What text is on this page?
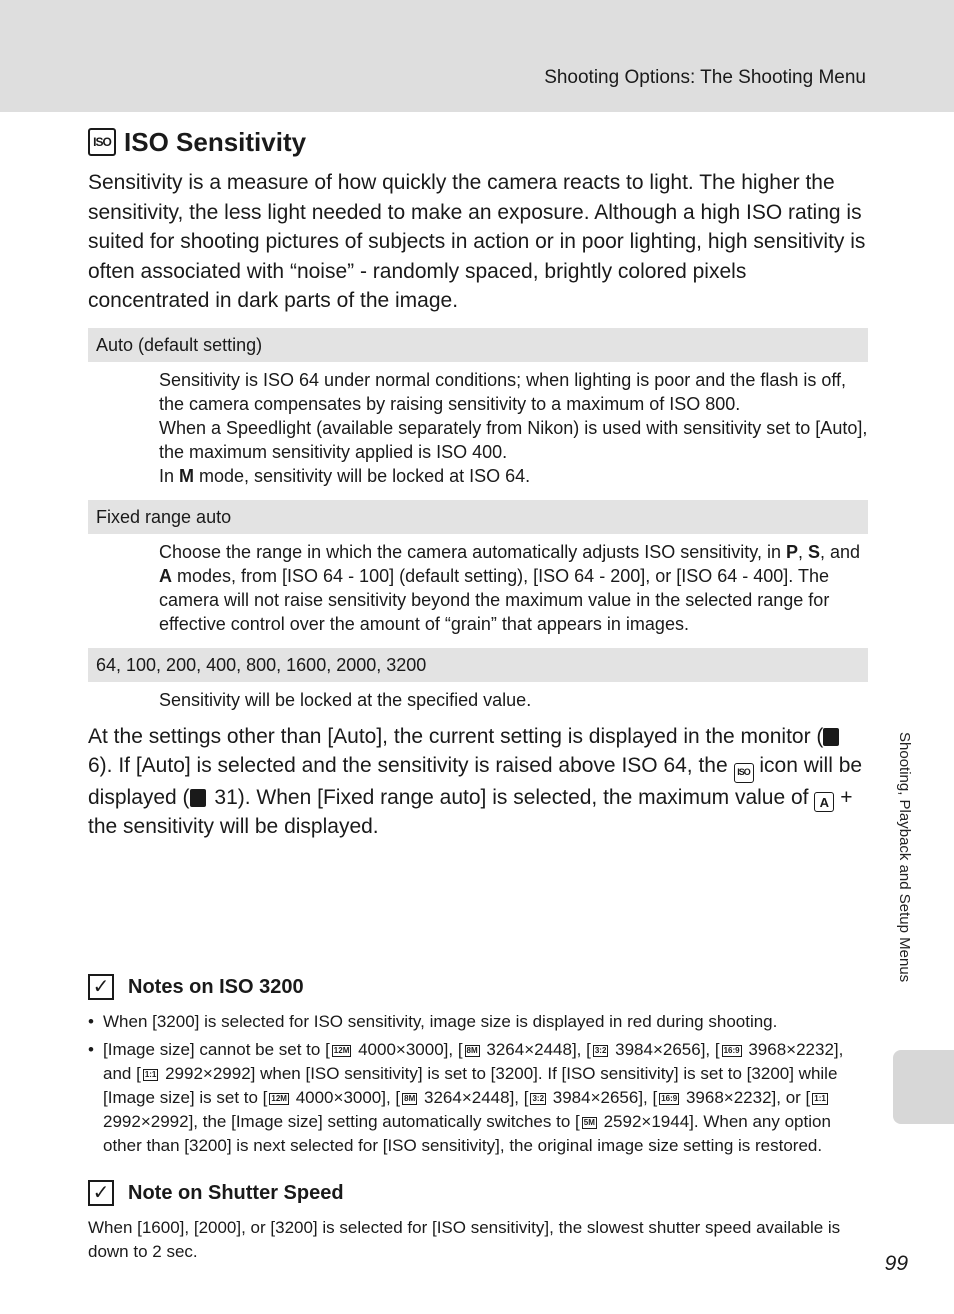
Shooting Options: The Shooting Menu
Shooting, Playback and Setup Menus
ISO ISO Sensitivity

Sensitivity is a measure of how quickly the camera reacts to light. The higher the sensitivity, the less light needed to make an exposure. Although a high ISO rating is suited for shooting pictures of subjects in action or in poor lighting, high sensitivity is often associated with “noise” - randomly spaced, brightly colored pixels concentrated in dark parts of the image.

Auto (default setting)

Sensitivity is ISO 64 under normal conditions; when lighting is poor and the flash is off, the camera compensates by raising sensitivity to a maximum of ISO 800.

When a Speedlight (available separately from Nikon) is used with sensitivity set to [Auto], the maximum sensitivity applied is ISO 400.

In M mode, sensitivity will be locked at ISO 64.

Fixed range auto

Choose the range in which the camera automatically adjusts ISO sensitivity, in P, S, and A modes, from [ISO 64 - 100] (default setting), [ISO 64 - 200], or [ISO 64 - 400]. The camera will not raise sensitivity beyond the maximum value in the selected range for effective control over the amount of “grain” that appears in images.

64, 100, 200, 400, 800, 1600, 2000, 3200

Sensitivity will be locked at the specified value.

At the settings other than [Auto], the current setting is displayed in the monitor ( 6). If [Auto] is selected and the sensitivity is raised above ISO 64, the ISO icon will be displayed ( 31). When [Fixed range auto] is selected, the maximum value of A + the sensitivity will be displayed.

✓ Notes on ISO 3200
• When [3200] is selected for ISO sensitivity, image size is displayed in red during shooting.
• [Image size] cannot be set to [ 12M 4000×3000], [ 8M 3264×2448], [ 3:2 3984×2656], [ 16:9 3968×2232], and [ 1:1 2992×2992] when [ISO sensitivity] is set to [3200]. If [ISO sensitivity] is set to [3200] while [Image size] is set to [ 12M 4000×3000], [ 8M 3264×2448], [ 3:2 3984×2656], [ 16:9 3968×2232], or [ 1:1 2992×2992], the [Image size] setting automatically switches to [ 5M 2592×1944]. When any option other than [3200] is next selected for [ISO sensitivity], the original image size setting is restored.
✓ Note on Shutter Speed

When [1600], [2000], or [3200] is selected for [ISO sensitivity], the slowest shutter speed available is down to 2 sec.

99
